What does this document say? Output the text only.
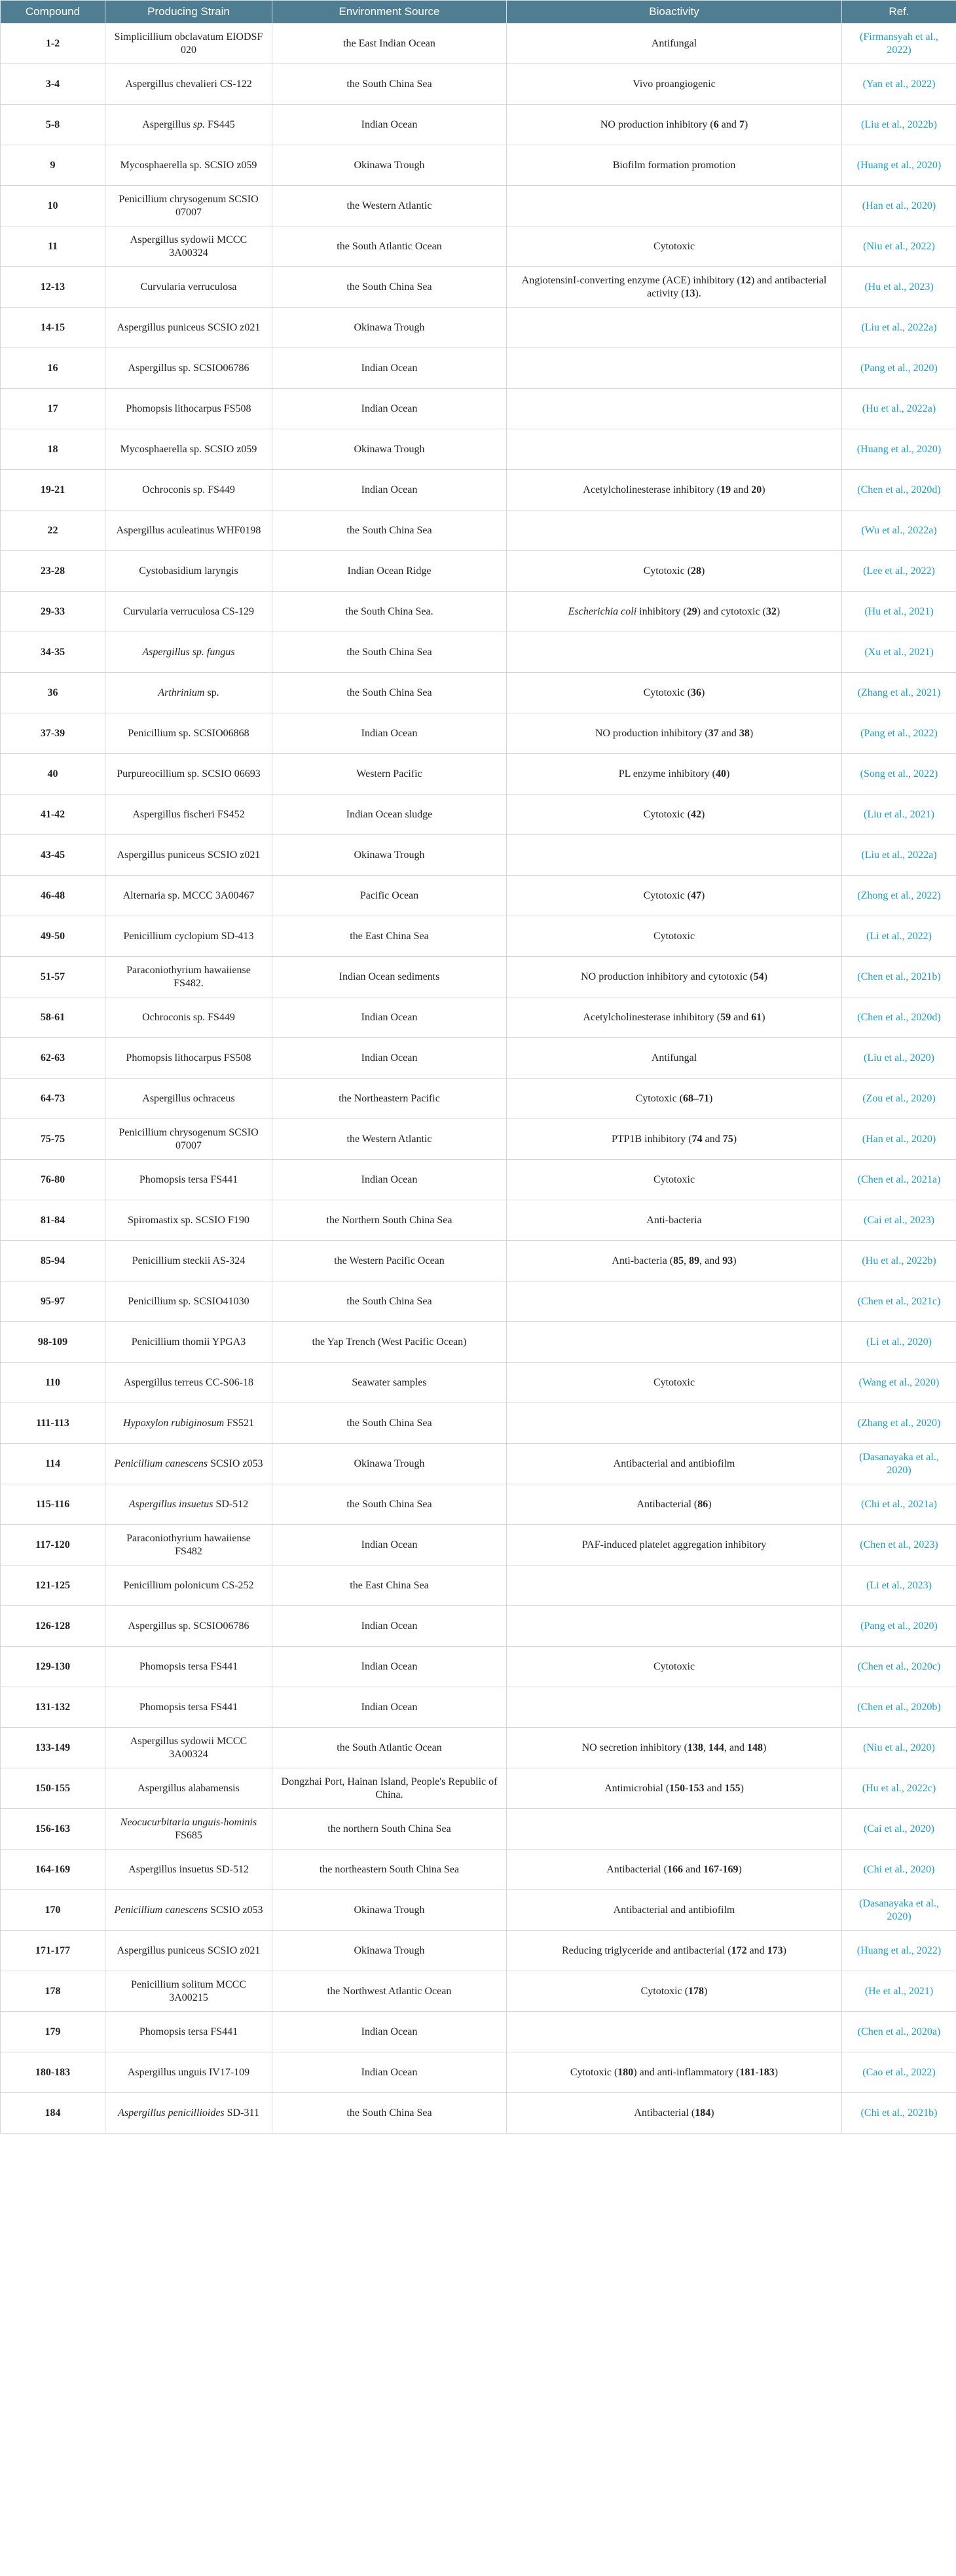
Compound	Producing Strain	Environment Source	Bioactivity	Ref.
1-2	Simplicillium obclavatum EIODSF 020	the East Indian Ocean	Antifungal	(Firmansyah et al., 2022)
3-4	Aspergillus chevalieri CS-122	the South China Sea	Vivo proangiogenic	(Yan et al., 2022)
5-8	Aspergillus sp. FS445	Indian Ocean	NO production inhibitory (6 and 7)	(Liu et al., 2022b)
9	Mycosphaerella sp. SCSIO z059	Okinawa Trough	Biofilm formation promotion	(Huang et al., 2020)
10	Penicillium chrysogenum SCSIO 07007	the Western Atlantic		(Han et al., 2020)
11	Aspergillus sydowii MCCC 3A00324	the South Atlantic Ocean	Cytotoxic	(Niu et al., 2022)
12-13	Curvularia verruculosa	the South China Sea	AngiotensinI-converting enzyme (ACE) inhibitory (12) and antibacterial activity (13).	(Hu et al., 2023)
14-15	Aspergillus puniceus SCSIO z021	Okinawa Trough		(Liu et al., 2022a)
16	Aspergillus sp. SCSIO06786	Indian Ocean		(Pang et al., 2020)
17	Phomopsis lithocarpus FS508	Indian Ocean		(Hu et al., 2022a)
18	Mycosphaerella sp. SCSIO z059	Okinawa Trough		(Huang et al., 2020)
19-21	Ochroconis sp. FS449	Indian Ocean	Acetylcholinesterase inhibitory (19 and 20)	(Chen et al., 2020d)
22	Aspergillus aculeatinus WHF0198	the South China Sea		(Wu et al., 2022a)
23-28	Cystobasidium laryngis	Indian Ocean Ridge	Cytotoxic (28)	(Lee et al., 2022)
29-33	Curvularia verruculosa CS-129	the South China Sea.	Escherichia coli inhibitory (29) and cytotoxic (32)	(Hu et al., 2021)
34-35	Aspergillus sp. fungus	the South China Sea		(Xu et al., 2021)
36	Arthrinium sp.	the South China Sea	Cytotoxic (36)	(Zhang et al., 2021)
37-39	Penicillium sp. SCSIO06868	Indian Ocean	NO production inhibitory (37 and 38)	(Pang et al., 2022)
40	Purpureocillium sp. SCSIO 06693	Western Pacific	PL enzyme inhibitory (40)	(Song et al., 2022)
41-42	Aspergillus fischeri FS452	Indian Ocean sludge	Cytotoxic (42)	(Liu et al., 2021)
43-45	Aspergillus puniceus SCSIO z021	Okinawa Trough		(Liu et al., 2022a)
46-48	Alternaria sp. MCCC 3A00467	Pacific Ocean	Cytotoxic (47)	(Zhong et al., 2022)
49-50	Penicillium cyclopium SD-413	the East China Sea	Cytotoxic	(Li et al., 2022)
51-57	Paraconiothyrium hawaiiense FS482.	Indian Ocean sediments	NO production inhibitory and cytotoxic (54)	(Chen et al., 2021b)
58-61	Ochroconis sp. FS449	Indian Ocean	Acetylcholinesterase inhibitory (59 and 61)	(Chen et al., 2020d)
62-63	Phomopsis lithocarpus FS508	Indian Ocean	Antifungal	(Liu et al., 2020)
64-73	Aspergillus ochraceus	the Northeastern Pacific	Cytotoxic (68–71)	(Zou et al., 2020)
75-75	Penicillium chrysogenum SCSIO 07007	the Western Atlantic	PTP1B inhibitory (74 and 75)	(Han et al., 2020)
76-80	Phomopsis tersa FS441	Indian Ocean	Cytotoxic	(Chen et al., 2021a)
81-84	Spiromastix sp. SCSIO F190	the Northern South China Sea	Anti-bacteria	(Cai et al., 2023)
85-94	Penicillium steckii AS-324	the Western Pacific Ocean	Anti-bacteria (85, 89, and 93)	(Hu et al., 2022b)
95-97	Penicillium sp. SCSIO41030	the South China Sea		(Chen et al., 2021c)
98-109	Penicillium thomii YPGA3	the Yap Trench (West Pacific Ocean)		(Li et al., 2020)
110	Aspergillus terreus CC-S06-18	Seawater samples	Cytotoxic	(Wang et al., 2020)
111-113	Hypoxylon rubiginosum FS521	the South China Sea		(Zhang et al., 2020)
114	Penicillium canescens SCSIO z053	Okinawa Trough	Antibacterial and antibiofilm	(Dasanayaka et al., 2020)
115-116	Aspergillus insuetus SD-512	the South China Sea	Antibacterial (86)	(Chi et al., 2021a)
117-120	Paraconiothyrium hawaiiense FS482	Indian Ocean	PAF-induced platelet aggregation inhibitory	(Chen et al., 2023)
121-125	Penicillium polonicum CS-252	the East China Sea		(Li et al., 2023)
126-128	Aspergillus sp. SCSIO06786	Indian Ocean		(Pang et al., 2020)
129-130	Phomopsis tersa FS441	Indian Ocean	Cytotoxic	(Chen et al., 2020c)
131-132	Phomopsis tersa FS441	Indian Ocean		(Chen et al., 2020b)
133-149	Aspergillus sydowii MCCC 3A00324	the South Atlantic Ocean	NO secretion inhibitory (138, 144, and 148)	(Niu et al., 2020)
150-155	Aspergillus alabamensis	Dongzhai Port, Hainan Island, People's Republic of China.	Antimicrobial (150-153 and 155)	(Hu et al., 2022c)
156-163	Neocucurbitaria unguis-hominis FS685	the northern South China Sea		(Cai et al., 2020)
164-169	Aspergillus insuetus SD-512	the northeastern South China Sea	Antibacterial (166 and 167-169)	(Chi et al., 2020)
170	Penicillium canescens SCSIO z053	Okinawa Trough	Antibacterial and antibiofilm	(Dasanayaka et al., 2020)
171-177	Aspergillus puniceus SCSIO z021	Okinawa Trough	Reducing triglyceride and antibacterial (172 and 173)	(Huang et al., 2022)
178	Penicillium solitum MCCC 3A00215	the Northwest Atlantic Ocean	Cytotoxic (178)	(He et al., 2021)
179	Phomopsis tersa FS441	Indian Ocean		(Chen et al., 2020a)
180-183	Aspergillus unguis IV17-109	Indian Ocean	Cytotoxic (180) and anti-inflammatory (181-183)	(Cao et al., 2022)
184	Aspergillus penicillioides SD-311	the South China Sea	Antibacterial (184)	(Chi et al., 2021b)
